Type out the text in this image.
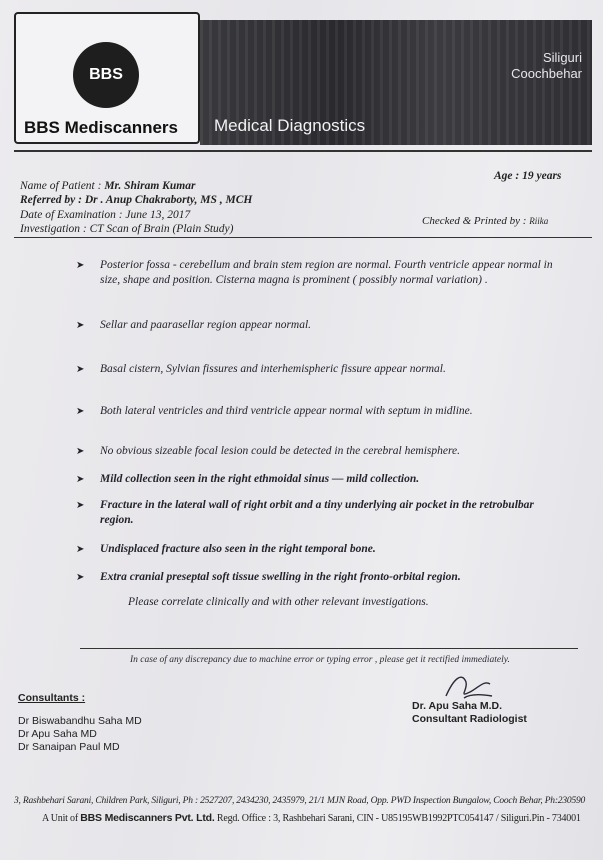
BBS
BBS Mediscanners
Siliguri
Coochbehar
Medical Diagnostics
Name of Patient : Mr. Shiram Kumar
Age : 19 years
Referred by : Dr . Anup Chakraborty, MS , MCH
Date of Examination : June 13, 2017
Investigation : CT Scan of Brain (Plain Study)
Checked & Printed by : Riika
➤	Posterior fossa - cerebellum and brain stem region are normal. Fourth ventricle appear normal in size, shape and position. Cisterna magna is prominent ( possibly normal variation) .
➤	Sellar and paarasellar region appear normal.
➤	Basal cistern, Sylvian fissures and interhemispheric fissure appear normal.
➤	Both lateral ventricles and third ventricle appear normal with septum in midline.
➤	No obvious sizeable focal lesion could be detected in the cerebral hemisphere.
➤	Mild collection seen in the right ethmoidal sinus — mild collection.
➤	Fracture in the lateral wall of right orbit and a tiny underlying air pocket in the retrobulbar region.
➤	Undisplaced fracture also seen in the right temporal bone.
➤	Extra cranial preseptal soft tissue swelling in the right fronto-orbital region.
Please correlate clinically and with other relevant investigations.
In case of any discrepancy due to machine error or typing error , please get it rectified immediately.
Consultants :
Dr Biswabandhu Saha MD
Dr Apu Saha MD
Dr Sanaipan Paul MD
Dr. Apu Saha M.D.
Consultant Radiologist
3, Rashbehari Sarani, Children Park, Siliguri, Ph : 2527207, 2434230, 2435979, 21/1 MJN Road, Opp. PWD Inspection Bungalow, Cooch Behar, Ph:230590
A Unit of BBS Mediscanners Pvt. Ltd. Regd. Office : 3, Rashbehari Sarani, CIN - U85195WB1992PTC054147 / Siliguri.Pin - 734001
